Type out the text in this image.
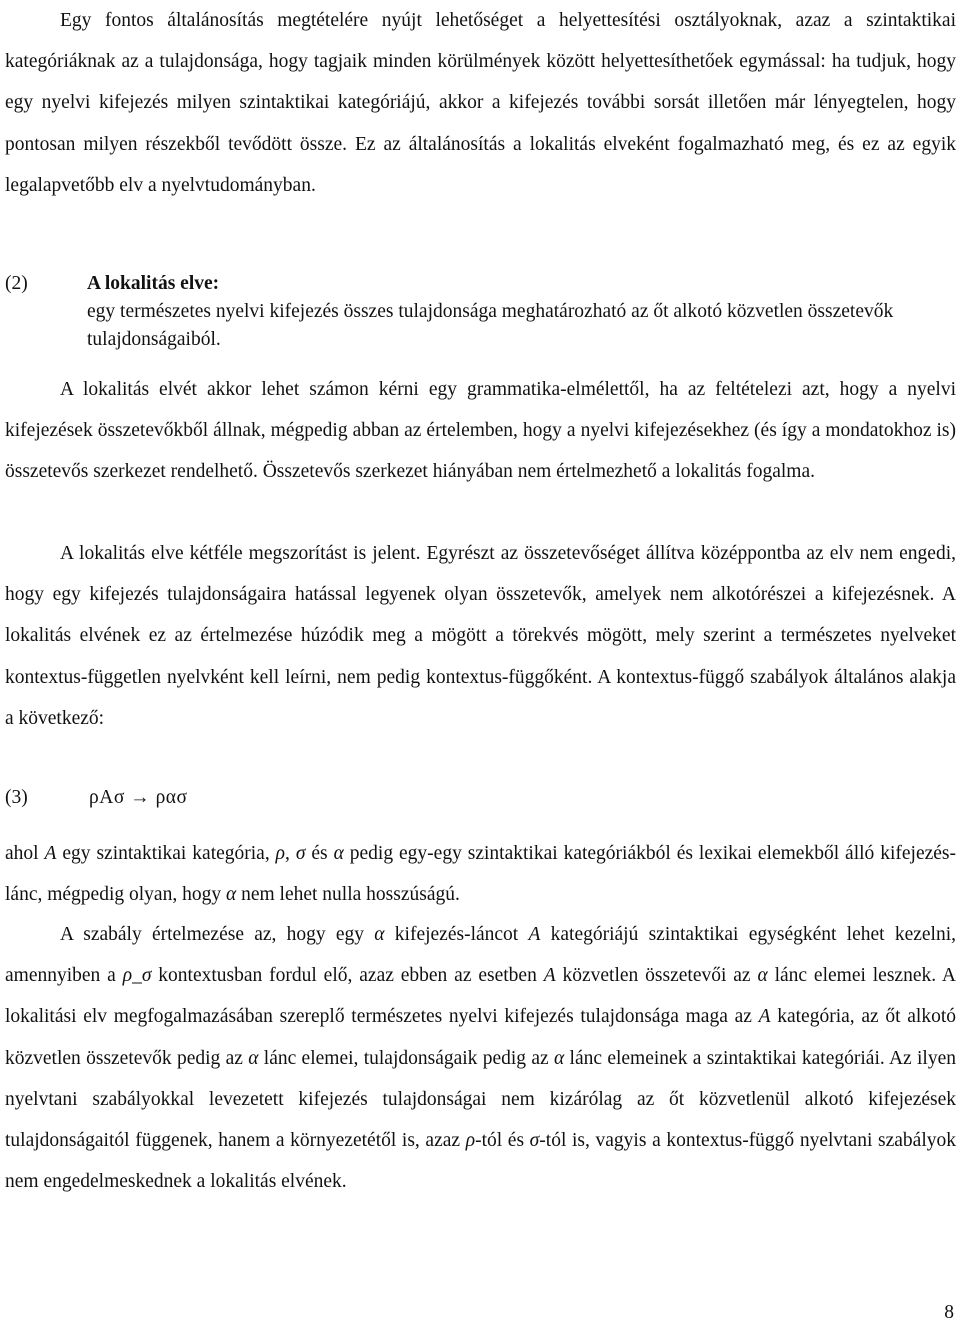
Egy fontos általánosítás megtételére nyújt lehetőséget a helyettesítési osztályoknak, azaz a szintaktikai kategóriáknak az a tulajdonsága, hogy tagjaik minden körülmények között helyettesíthetőek egymással: ha tudjuk, hogy egy nyelvi kifejezés milyen szintaktikai kategóriájú, akkor a kifejezés további sorsát illetően már lényegtelen, hogy pontosan milyen részekből tevődött össze. Ez az általánosítás a lokalitás elveként fogalmazható meg, és ez az egyik legalapvetőbb elv a nyelvtudományban.

(2)	A lokalitás elve:
egy természetes nyelvi kifejezés összes tulajdonsága meghatározható az őt alkotó közvetlen összetevők tulajdonságaiból.

A lokalitás elvét akkor lehet számon kérni egy grammatika-elmélettől, ha az feltételezi azt, hogy a nyelvi kifejezések összetevőkből állnak, mégpedig abban az értelemben, hogy a nyelvi kifejezésekhez (és így a mondatokhoz is) összetevős szerkezet rendelhető. Összetevős szerkezet hiányában nem értelmezhető a lokalitás fogalma.

A lokalitás elve kétféle megszorítást is jelent. Egyrészt az összetevőséget állítva középpontba az elv nem engedi, hogy egy kifejezés tulajdonságaira hatással legyenek olyan összetevők, amelyek nem alkotórészei a kifejezésnek. A lokalitás elvének ez az értelmezése húzódik meg a mögött a törekvés mögött, mely szerint a természetes nyelveket kontextus-független nyelvként kell leírni, nem pedig kontextus-függőként. A kontextus-függő szabályok általános alakja a következő:

(3)	ρAσ → ρασ

ahol A egy szintaktikai kategória, ρ, σ és α pedig egy-egy szintaktikai kategóriákból és lexikai elemekből álló kifejezés-lánc, mégpedig olyan, hogy α nem lehet nulla hosszúságú.

A szabály értelmezése az, hogy egy α kifejezés-láncot A kategóriájú szintaktikai egységként lehet kezelni, amennyiben a ρ_σ kontextusban fordul elő, azaz ebben az esetben A közvetlen összetevői az α lánc elemei lesznek. A lokalitási elv megfogalmazásában szereplő természetes nyelvi kifejezés tulajdonsága maga az A kategória, az őt alkotó közvetlen összetevők pedig az α lánc elemei, tulajdonságaik pedig az α lánc elemeinek a szintaktikai kategóriái. Az ilyen nyelvtani szabályokkal levezetett kifejezés tulajdonságai nem kizárólag az őt közvetlenül alkotó kifejezések tulajdonságaitól függenek, hanem a környezetétől is, azaz ρ-tól és σ-tól is, vagyis a kontextus-függő nyelvtani szabályok nem engedelmeskednek a lokalitás elvének.

8
